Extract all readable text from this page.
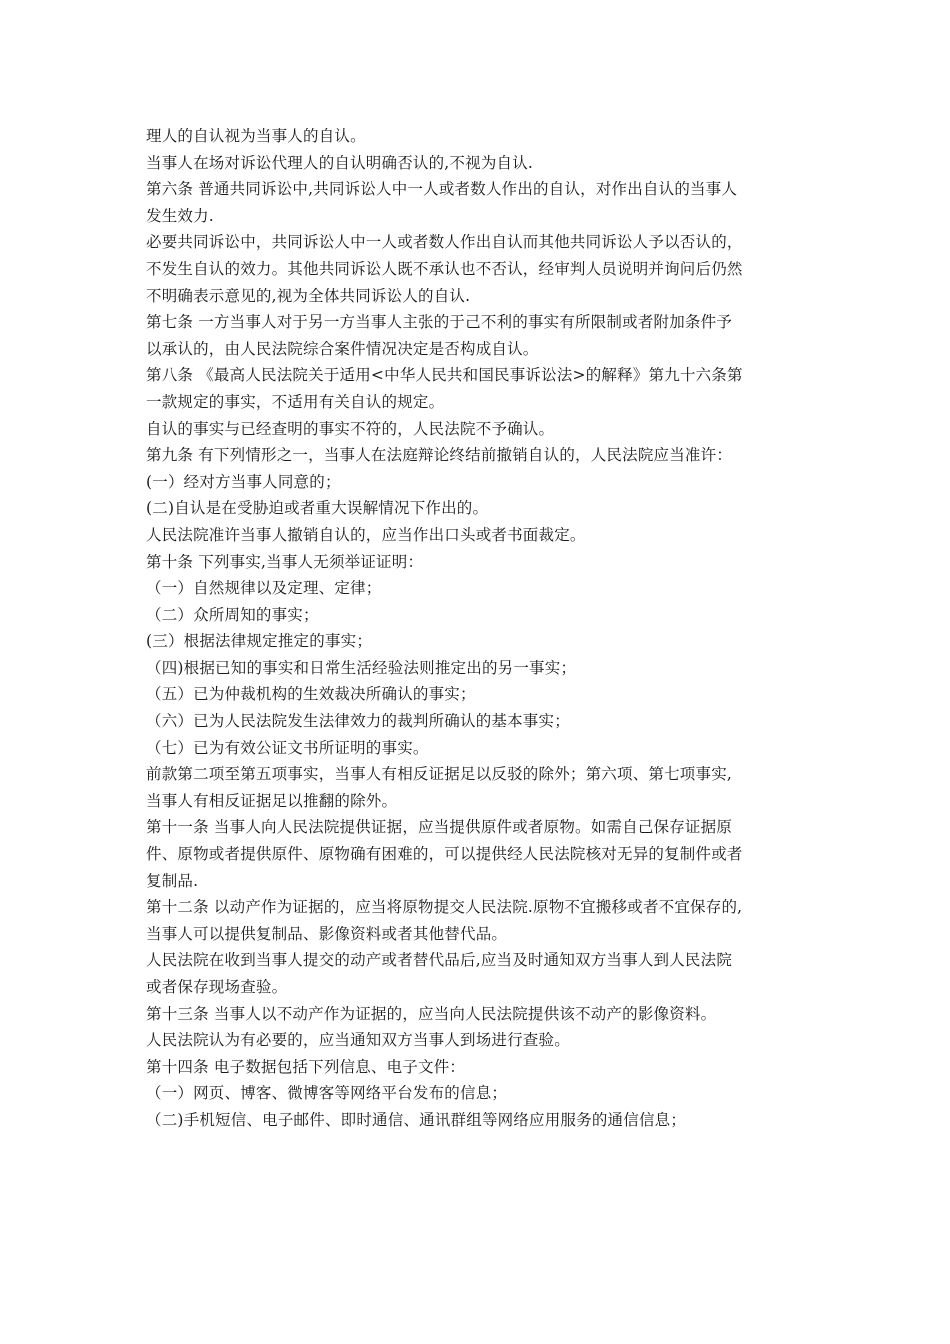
理人的自认视为当事人的自认。
当事人在场对诉讼代理人的自认明确否认的,不视为自认.
第六条 普通共同诉讼中,共同诉讼人中一人或者数人作出的自认，对作出自认的当事人
发生效力.
必要共同诉讼中，共同诉讼人中一人或者数人作出自认而其他共同诉讼人予以否认的，
不发生自认的效力。其他共同诉讼人既不承认也不否认，经审判人员说明并询问后仍然
不明确表示意见的,视为全体共同诉讼人的自认.
第七条 一方当事人对于另一方当事人主张的于己不利的事实有所限制或者附加条件予
以承认的，由人民法院综合案件情况决定是否构成自认。
第八条 《最高人民法院关于适用<中华人民共和国民事诉讼法>的解释》第九十六条第
一款规定的事实，不适用有关自认的规定。
自认的事实与已经查明的事实不符的，人民法院不予确认。
第九条 有下列情形之一，当事人在法庭辩论终结前撤销自认的，人民法院应当准许：
(一）经对方当事人同意的；
(二)自认是在受胁迫或者重大误解情况下作出的。
人民法院准许当事人撤销自认的，应当作出口头或者书面裁定。
第十条 下列事实,当事人无须举证证明：
（一）自然规律以及定理、定律；
（二）众所周知的事实；
(三）根据法律规定推定的事实；
（四)根据已知的事实和日常生活经验法则推定出的另一事实；
（五）已为仲裁机构的生效裁决所确认的事实；
（六）已为人民法院发生法律效力的裁判所确认的基本事实；
（七）已为有效公证文书所证明的事实。
前款第二项至第五项事实，当事人有相反证据足以反驳的除外；第六项、第七项事实,
当事人有相反证据足以推翻的除外。
第十一条 当事人向人民法院提供证据，应当提供原件或者原物。如需自己保存证据原
件、原物或者提供原件、原物确有困难的，可以提供经人民法院核对无异的复制件或者
复制品.
第十二条 以动产作为证据的，应当将原物提交人民法院.原物不宜搬移或者不宜保存的,
当事人可以提供复制品、影像资料或者其他替代品。
人民法院在收到当事人提交的动产或者替代品后,应当及时通知双方当事人到人民法院
或者保存现场查验。
第十三条 当事人以不动产作为证据的，应当向人民法院提供该不动产的影像资料。
人民法院认为有必要的，应当通知双方当事人到场进行查验。
第十四条 电子数据包括下列信息、电子文件：
（一）网页、博客、微博客等网络平台发布的信息；
（二)手机短信、电子邮件、即时通信、通讯群组等网络应用服务的通信信息；
